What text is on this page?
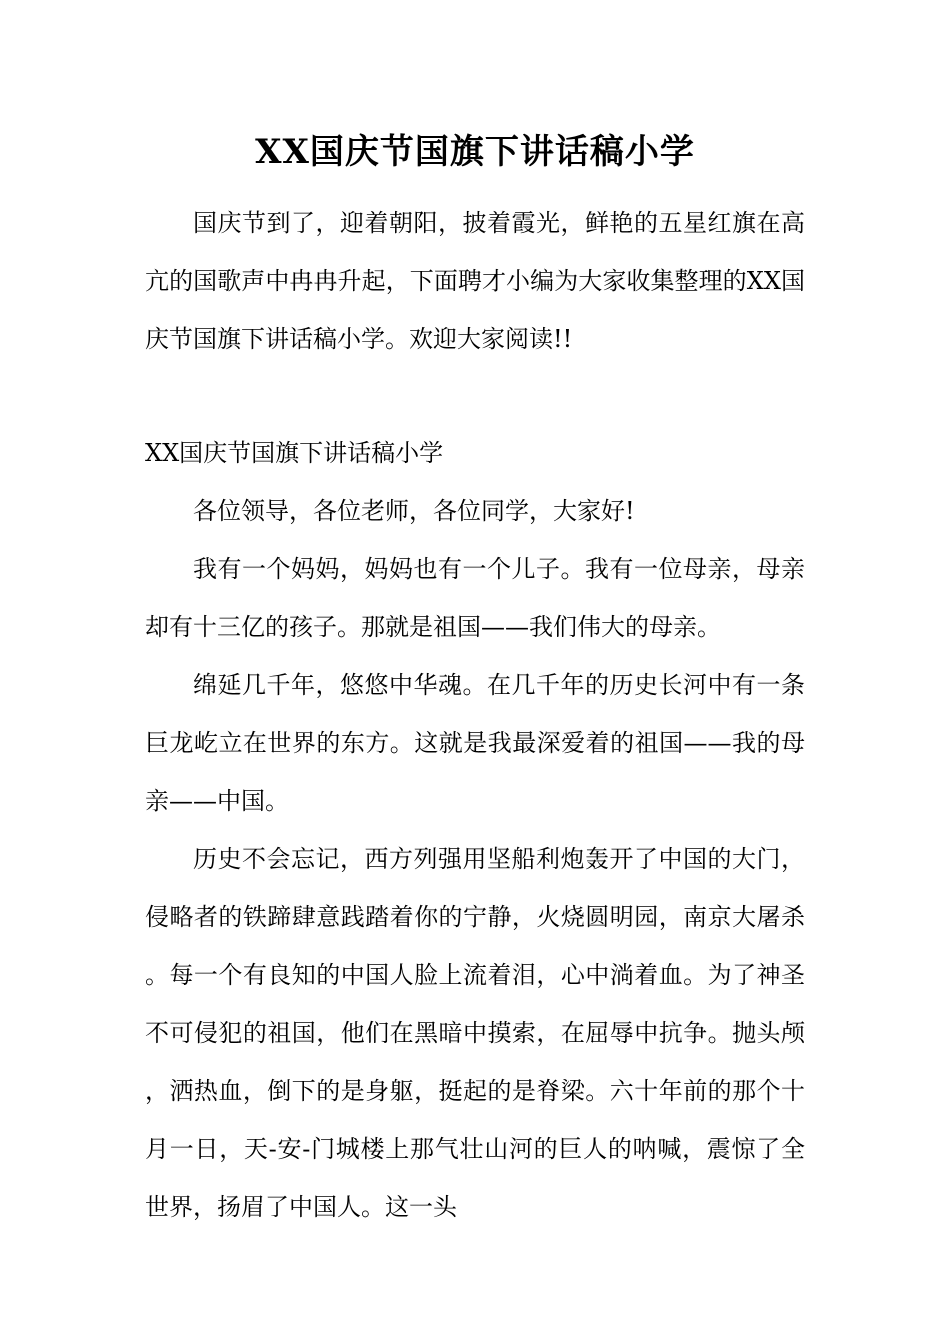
XX国庆节国旗下讲话稿小学

国庆节到了，迎着朝阳，披着霞光，鲜艳的五星红旗在高亢的国歌声中冉冉升起，下面聘才小编为大家收集整理的XX国庆节国旗下讲话稿小学。欢迎大家阅读!!

XX国庆节国旗下讲话稿小学

各位领导，各位老师，各位同学，大家好!

我有一个妈妈，妈妈也有一个儿子。我有一位母亲，母亲却有十三亿的孩子。那就是祖国——我们伟大的母亲。

绵延几千年，悠悠中华魂。在几千年的历史长河中有一条巨龙屹立在世界的东方。这就是我最深爱着的祖国——我的母亲——中国。

历史不会忘记，西方列强用坚船利炮轰开了中国的大门，侵略者的铁蹄肆意践踏着你的宁静，火烧圆明园，南京大屠杀。每一个有良知的中国人脸上流着泪，心中淌着血。为了神圣不可侵犯的祖国，他们在黑暗中摸索，在屈辱中抗争。抛头颅，洒热血，倒下的是身躯，挺起的是脊梁。六十年前的那个十月一日，天-安-门城楼上那气壮山河的巨人的呐喊，震惊了全世界，扬眉了中国人。这一头
